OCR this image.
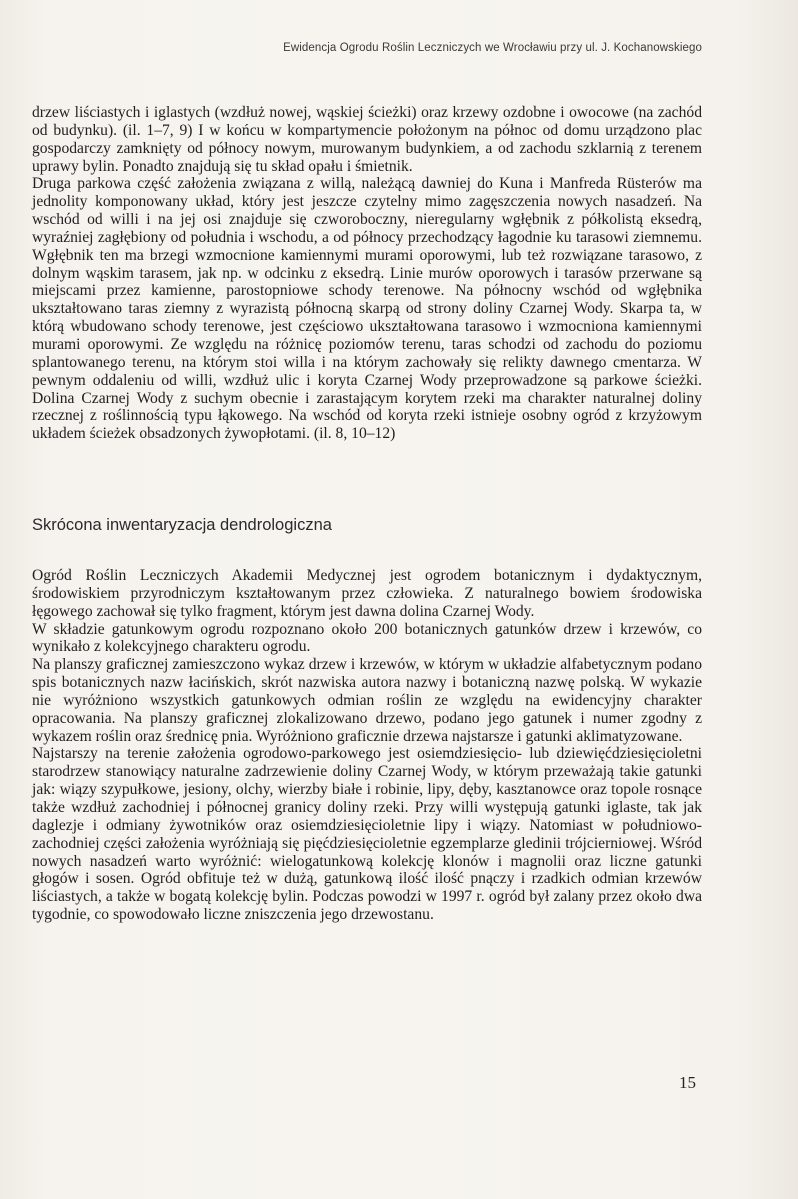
Ewidencja Ogrodu Roślin Leczniczych we Wrocławiu przy ul. J. Kochanowskiego

drzew liściastych i iglastych (wzdłuż nowej, wąskiej ścieżki) oraz krzewy ozdobne i owocowe (na zachód od budynku). (il. 1–7, 9) I w końcu w kompartymencie położonym na północ od domu urządzono plac gospodarczy zamknięty od północy nowym, murowanym budynkiem, a od zachodu szklarnią z terenem uprawy bylin. Ponadto znajdują się tu skład opału i śmietnik.

Druga parkowa część założenia związana z willą, należącą dawniej do Kuna i Manfreda Rüsterów ma jednolity komponowany układ, który jest jeszcze czytelny mimo zagęszczenia nowych nasadzeń. Na wschód od willi i na jej osi znajduje się czworoboczny, nieregularny wgłębnik z półkolistą eksedrą, wyraźniej zagłębiony od południa i wschodu, a od północy przechodzący łagodnie ku tarasowi ziemnemu. Wgłębnik ten ma brzegi wzmocnione kamiennymi murami oporowymi, lub też rozwiązane tarasowo, z dolnym wąskim tarasem, jak np. w odcinku z eksedrą. Linie murów oporowych i tarasów przerwane są miejscami przez kamienne, parostopniowe schody terenowe. Na północny wschód od wgłębnika ukształtowano taras ziemny z wyrazistą północną skarpą od strony doliny Czarnej Wody. Skarpa ta, w którą wbudowano schody terenowe, jest częściowo ukształtowana tarasowo i wzmocniona kamiennymi murami oporowymi. Ze względu na różnicę poziomów terenu, taras schodzi od zachodu do poziomu splantowanego terenu, na którym stoi willa i na którym zachowały się relikty dawnego cmentarza. W pewnym oddaleniu od willi, wzdłuż ulic i koryta Czarnej Wody przeprowadzone są parkowe ścieżki. Dolina Czarnej Wody z suchym obecnie i zarastającym korytem rzeki ma charakter naturalnej doliny rzecznej z roślinnością typu łąkowego. Na wschód od koryta rzeki istnieje osobny ogród z krzyżowym układem ścieżek obsadzonych żywopłotami. (il. 8, 10–12)

Skrócona inwentaryzacja dendrologiczna

Ogród Roślin Leczniczych Akademii Medycznej jest ogrodem botanicznym i dydaktycznym, środowiskiem przyrodniczym kształtowanym przez człowieka. Z naturalnego bowiem środowiska łęgowego zachował się tylko fragment, którym jest dawna dolina Czarnej Wody.

W składzie gatunkowym ogrodu rozpoznano około 200 botanicznych gatunków drzew i krzewów, co wynikało z kolekcyjnego charakteru ogrodu.

Na planszy graficznej zamieszczono wykaz drzew i krzewów, w którym w układzie alfabetycznym podano spis botanicznych nazw łacińskich, skrót nazwiska autora nazwy i botaniczną nazwę polską. W wykazie nie wyróżniono wszystkich gatunkowych odmian roślin ze względu na ewidencyjny charakter opracowania. Na planszy graficznej zlokalizowano drzewo, podano jego gatunek i numer zgodny z wykazem roślin oraz średnicę pnia. Wyróżniono graficznie drzewa najstarsze i gatunki aklimatyzowane.

Najstarszy na terenie założenia ogrodowo-parkowego jest osiemdziesięcio- lub dziewięćdziesięcioletni starodrzew stanowiący naturalne zadrzewienie doliny Czarnej Wody, w którym przeważają takie gatunki jak: wiązy szypułkowe, jesiony, olchy, wierzby białe i robinie, lipy, dęby, kasztanowce oraz topole rosnące także wzdłuż zachodniej i północnej granicy doliny rzeki. Przy willi występują gatunki iglaste, tak jak daglezje i odmiany żywotników oraz osiemdziesięcioletnie lipy i wiązy. Natomiast w południowo-zachodniej części założenia wyróżniają się pięćdziesięcioletnie egzemplarze gledinii trójcierniowej. Wśród nowych nasadzeń warto wyróżnić: wielogatunkową kolekcję klonów i magnolii oraz liczne gatunki głogów i sosen. Ogród obfituje też w dużą, gatunkową ilość ilość pnączy i rzadkich odmian krzewów liściastych, a także w bogatą kolekcję bylin. Podczas powodzi w 1997 r. ogród był zalany przez około dwa tygodnie, co spowodowało liczne zniszczenia jego drzewostanu.

15
